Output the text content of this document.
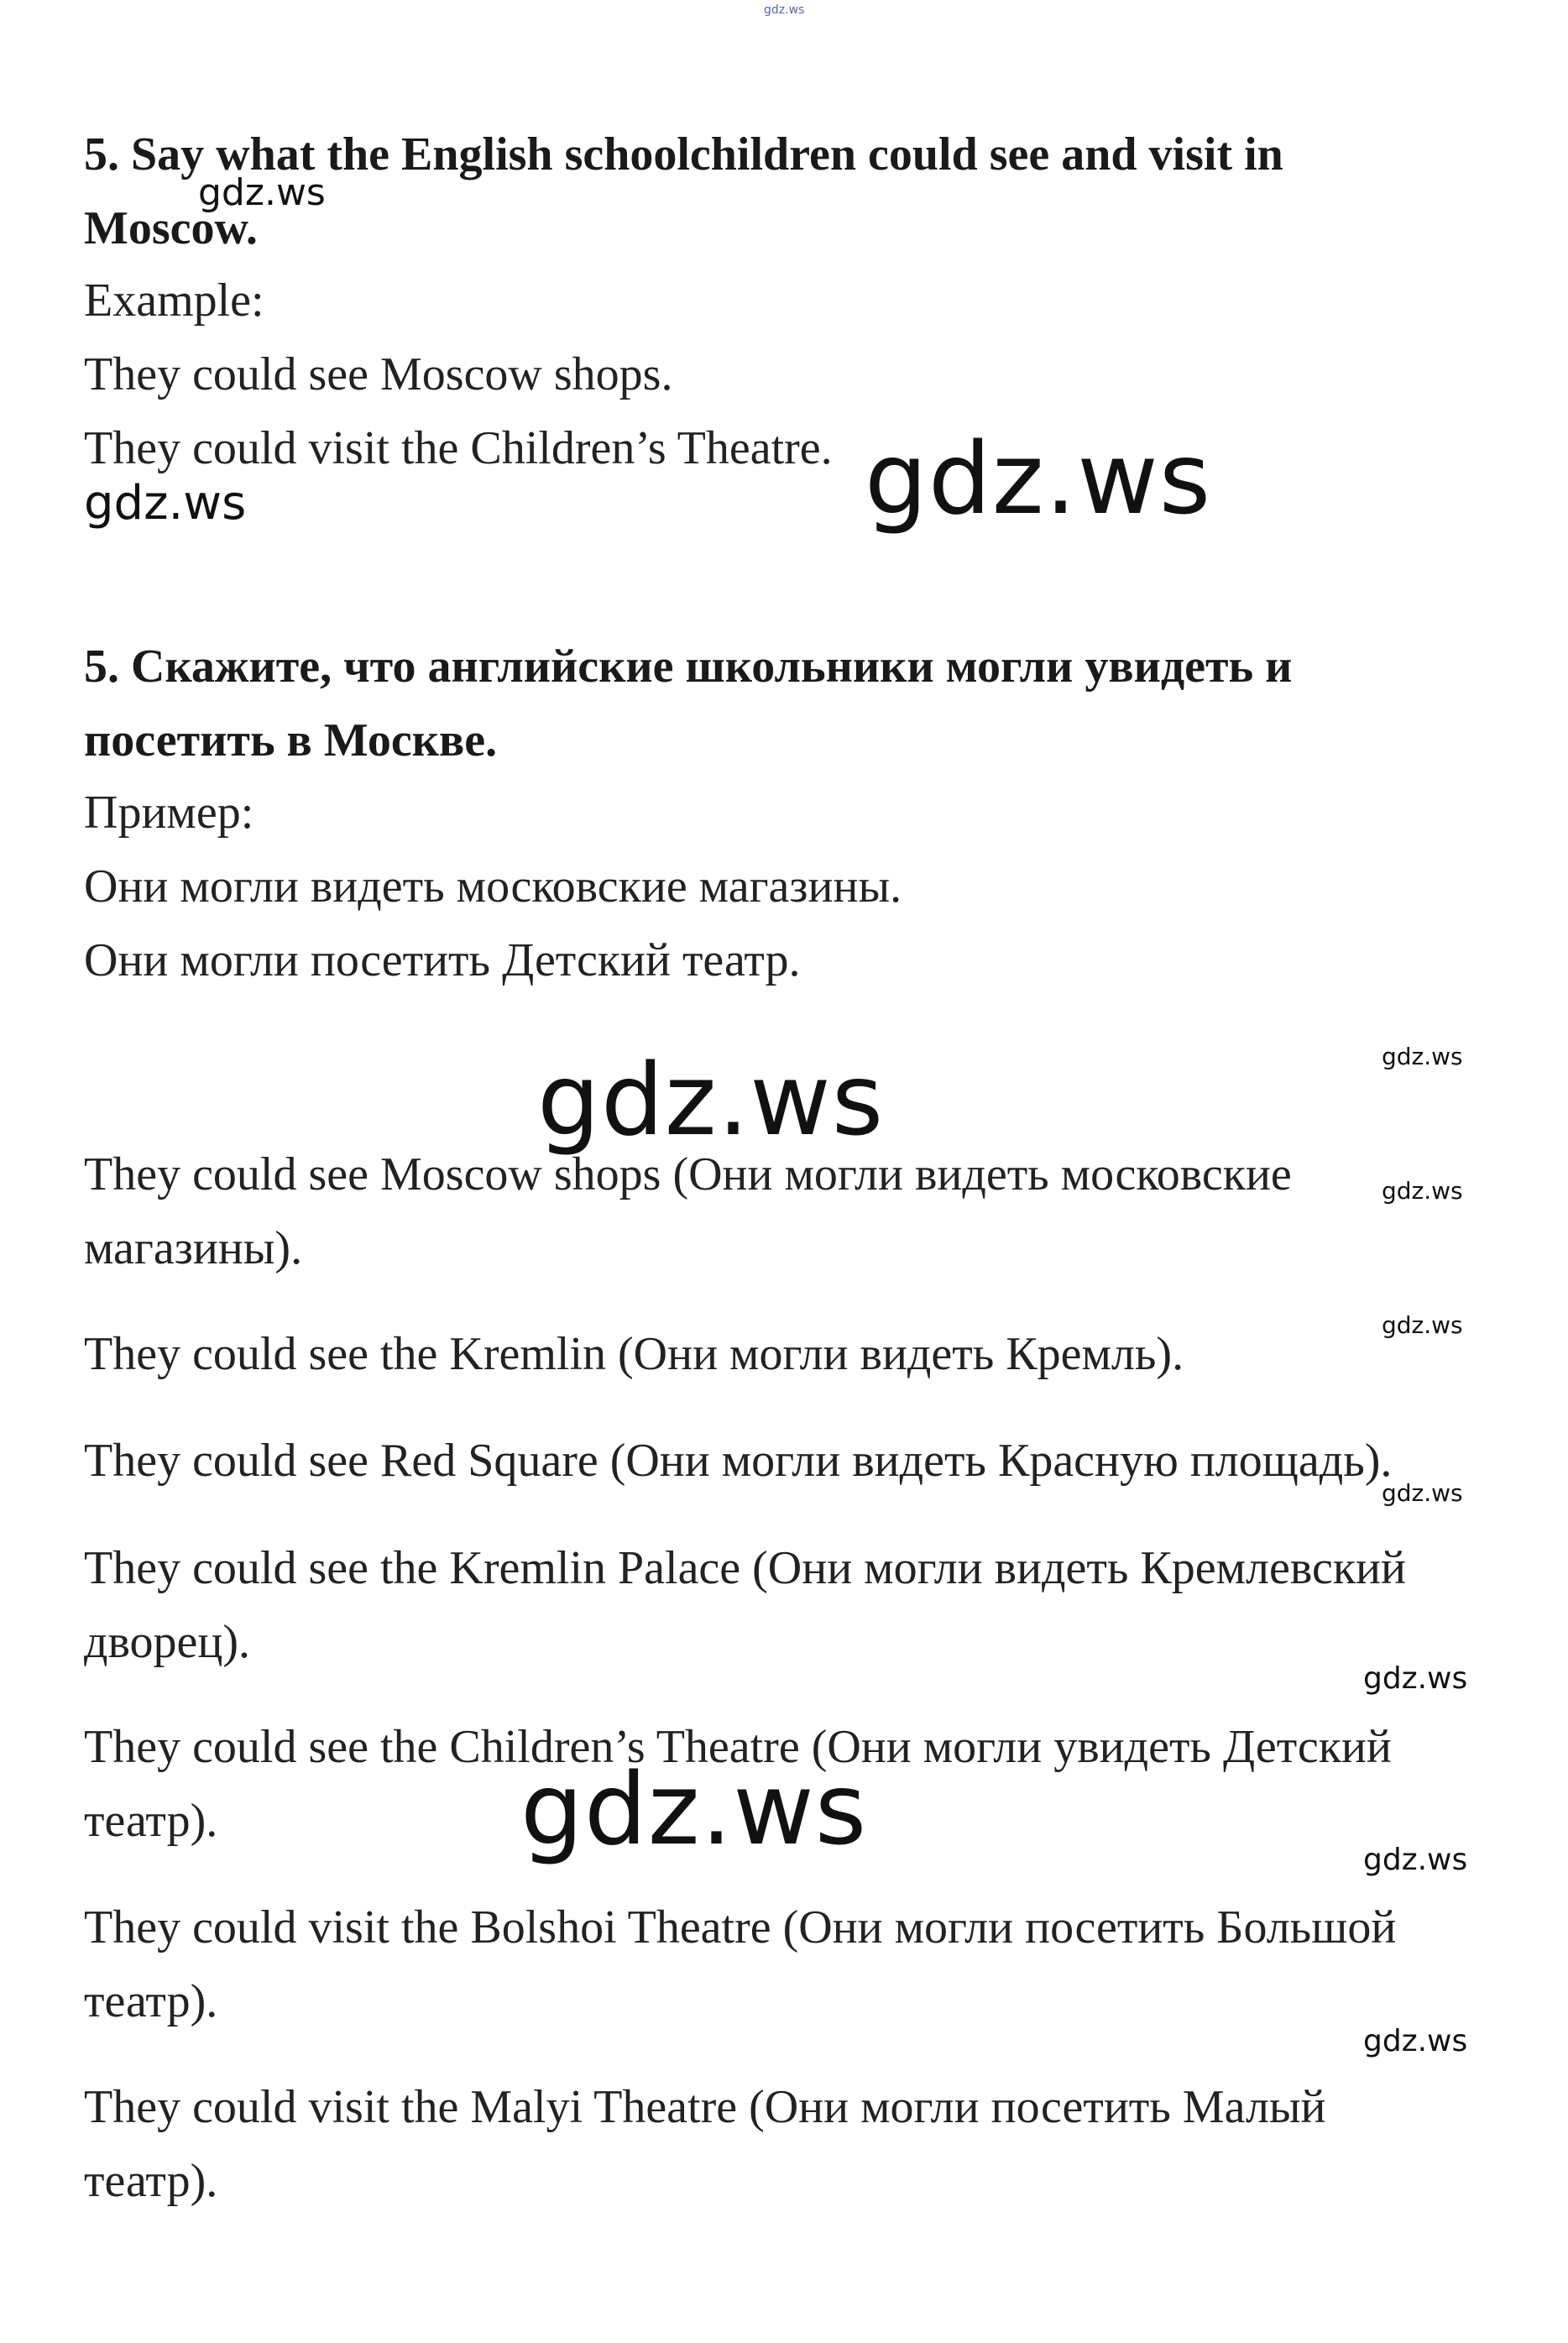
gdz.ws
5. Say what the English schoolchildren could see and visit in
Moscow.
Example:
They could see Moscow shops.
They could visit the Children’s Theatre.
gdz.ws
gdz.ws	gdz.ws
5. Скажите, что английские школьники могли увидеть и
посетить в Москве.
Пример:
Они могли видеть московские магазины.
Они могли посетить Детский театр.
gdz.ws
They could see Moscow shops (Они могли видеть московские
магазины).
They could see the Kremlin (Они могли видеть Кремль).
They could see Red Square (Они могли видеть Красную площадь).
They could see the Kremlin Palace (Они могли видеть Кремлевский
дворец).
They could see the Children’s Theatre (Они могли увидеть Детский
театр).
They could visit the Bolshoi Theatre (Они могли посетить Большой
театр).
They could visit the Malyi Theatre (Они могли посетить Малый
театр).
gdz.ws
gdz.ws
gdz.ws
gdz.ws
gdz.ws
gdz.ws
gdz.ws
gdz.ws
